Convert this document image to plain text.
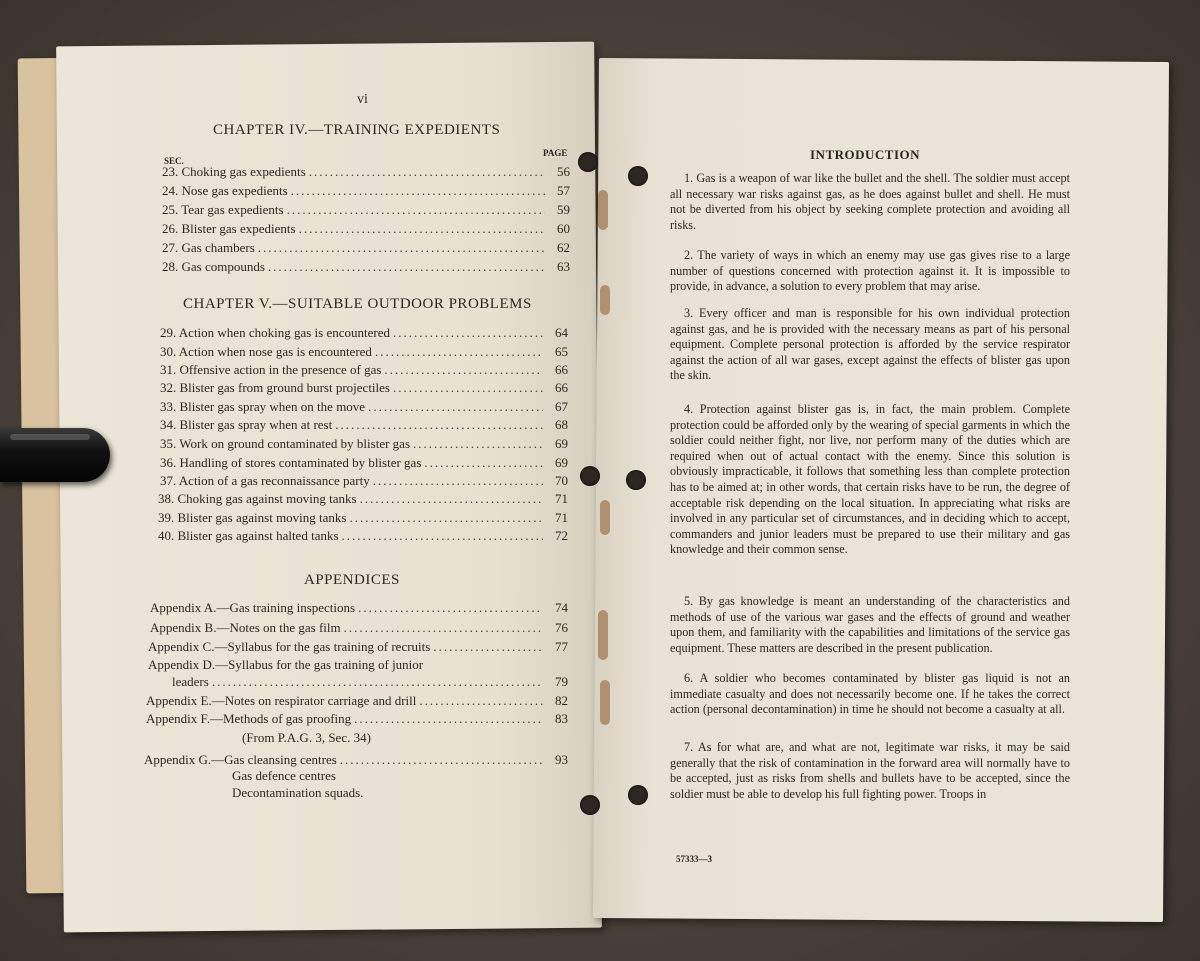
vi
CHAPTER IV.—TRAINING EXPEDIENTS
SEC.
PAGE
23. Choking gas expedients .....	56
24. Nose gas expedients .....	57
25. Tear gas expedients .....	59
26. Blister gas expedients .....	60
27. Gas chambers .....	62
28. Gas compounds .....	63
CHAPTER V.—SUITABLE OUTDOOR PROBLEMS
29. Action when choking gas is encountered .....	64
30. Action when nose gas is encountered .....	65
31. Offensive action in the presence of gas .....	66
32. Blister gas from ground burst projectiles .....	66
33. Blister gas spray when on the move .....	67
34. Blister gas spray when at rest .....	68
35. Work on ground contaminated by blister gas .....	69
36. Handling of stores contaminated by blister gas .....	69
37. Action of a gas reconnaissance party .....	70
38. Choking gas against moving tanks .....	71
39. Blister gas against moving tanks .....	71
40. Blister gas against halted tanks .....	72
APPENDICES
Appendix A.—Gas training inspections .....	74
Appendix B.—Notes on the gas film .....	76
Appendix C.—Syllabus for the gas training of recruits .....	77
Appendix D.—Syllabus for the gas training of junior
leaders .....	79
Appendix E.—Notes on respirator carriage and drill .....	82
Appendix F.—Methods of gas proofing .....	83
(From P.A.G. 3, Sec. 34)
Appendix G.—Gas cleansing centres .....	93
Gas defence centres
Decontamination squads.
INTRODUCTION

1. Gas is a weapon of war like the bullet and the shell. The soldier must accept all necessary war risks against gas, as he does against bullet and shell. He must not be diverted from his object by seeking complete protection and avoiding all risks.

2. The variety of ways in which an enemy may use gas gives rise to a large number of questions concerned with protection against it. It is impossible to provide, in advance, a solution to every problem that may arise.

3. Every officer and man is responsible for his own individual protection against gas, and he is provided with the necessary means as part of his personal equipment. Complete personal protection is afforded by the service respirator against the action of all war gases, except against the effects of blister gas upon the skin.

4. Protection against blister gas is, in fact, the main problem. Complete protection could be afforded only by the wearing of special garments in which the soldier could neither fight, nor live, nor perform many of the duties which are required when out of actual contact with the enemy. Since this solution is obviously impracticable, it follows that something less than complete protection has to be aimed at; in other words, that certain risks have to be run, the degree of acceptable risk depending on the local situation. In appreciating what risks are involved in any particular set of circumstances, and in deciding which to accept, commanders and junior leaders must be prepared to use their military and gas knowledge and their common sense.

5. By gas knowledge is meant an understanding of the characteristics and methods of use of the various war gases and the effects of ground and weather upon them, and familiarity with the capabilities and limitations of the service gas equipment. These matters are described in the present publication.

6. A soldier who becomes contaminated by blister gas liquid is not an immediate casualty and does not necessarily become one. If he takes the correct action (personal decontamination) in time he should not become a casualty at all.

7. As for what are, and what are not, legitimate war risks, it may be said generally that the risk of contamination in the forward area will normally have to be accepted, just as risks from shells and bullets have to be accepted, since the soldier must be able to develop his full fighting power. Troops in

57333—3
